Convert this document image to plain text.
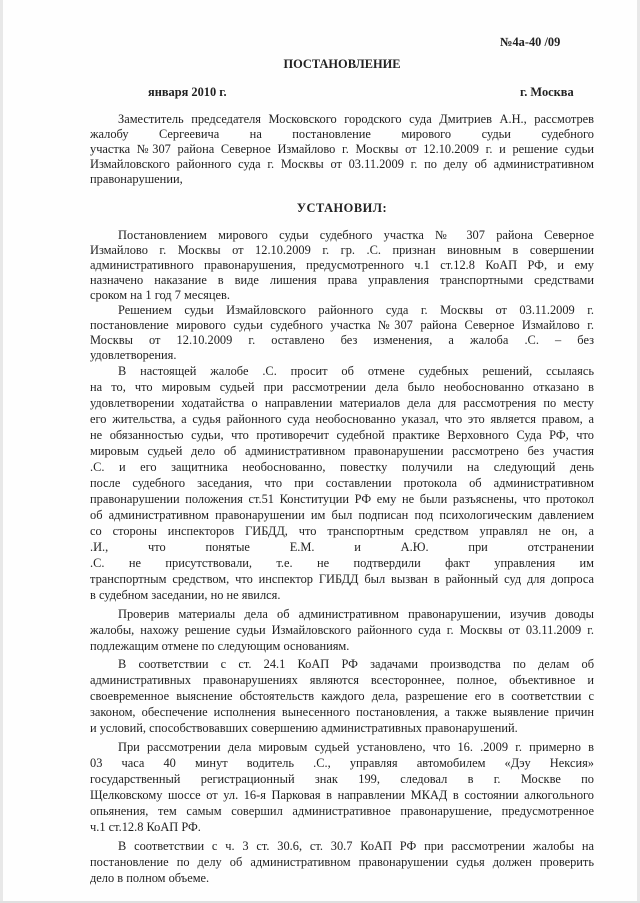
№4а-40 /09
ПОСТАНОВЛЕНИЕ
января 2010 г.	г. Москва
Заместитель председателя Московского городского суда Дмитриев А.Н., рассмотрев
жалобу Сергеевича на постановление мирового судьи судебного
участка №307 района Северное Измайлово г. Москвы от 12.10.2009 г. и решение судьи
Измайловского районного суда г. Москвы от 03.11.2009 г. по делу об административном
правонарушении,
УСТАНОВИЛ:
Постановлением мирового судьи судебного участка № 307 района Северное
Измайлово г. Москвы от 12.10.2009 г. гр. .С. признан виновным в совершении
административного правонарушения, предусмотренного ч.1 ст.12.8 КоАП РФ, и ему
назначено наказание в виде лишения права управления транспортными средствами
сроком на 1 год 7 месяцев.
Решением судьи Измайловского районного суда г. Москвы от 03.11.2009 г.
постановление мирового судьи судебного участка №307 района Северное Измайлово г.
Москвы от 12.10.2009 г. оставлено без изменения, а жалоба .С. – без
удовлетворения.
В настоящей жалобе .С. просит об отмене судебных решений, ссылаясь
на то, что мировым судьей при рассмотрении дела было необоснованно отказано в
удовлетворении ходатайства о направлении материалов дела для рассмотрения по месту
его жительства, а судья районного суда необоснованно указал, что это является правом, а
не обязанностью судьи, что противоречит судебной практике Верховного Суда РФ, что
мировым судьей дело об административном правонарушении рассмотрено без участия
.С. и его защитника необоснованно, повестку получили на следующий день
после судебного заседания, что при составлении протокола об административном
правонарушении положения ст.51 Конституции РФ ему не были разъяснены, что протокол
об административном правонарушении им был подписан под психологическим давлением
со стороны инспекторов ГИБДД, что транспортным средством управлял не он, а
.И., что понятые Е.М. и А.Ю. при отстранении
.С. не присутствовали, т.е. не подтвердили факт управления им
транспортным средством, что инспектор ГИБДД был вызван в районный суд для допроса
в судебном заседании, но не явился.
Проверив материалы дела об административном правонарушении, изучив доводы
жалобы, нахожу решение судьи Измайловского районного суда г. Москвы от 03.11.2009 г.
подлежащим отмене по следующим основаниям.
В соответствии с ст. 24.1 КоАП РФ задачами производства по делам об
административных правонарушениях являются всестороннее, полное, объективное и
своевременное выяснение обстоятельств каждого дела, разрешение его в соответствии с
законом, обеспечение исполнения вынесенного постановления, а также выявление причин
и условий, способствовавших совершению административных правонарушений.
При рассмотрении дела мировым судьей установлено, что 16. .2009 г. примерно в
03 часа 40 минут водитель .С., управляя автомобилем «Дэу Нексия»
государственный регистрационный знак 199, следовал в г. Москве по
Щелковскому шоссе от ул. 16-я Парковая в направлении МКАД в состоянии алкогольного
опьянения, тем самым совершил административное правонарушение, предусмотренное
ч.1 ст.12.8 КоАП РФ.
В соответствии с ч. 3 ст. 30.6, ст. 30.7 КоАП РФ при рассмотрении жалобы на
постановление по делу об административном правонарушении судья должен проверить
дело в полном объеме.
